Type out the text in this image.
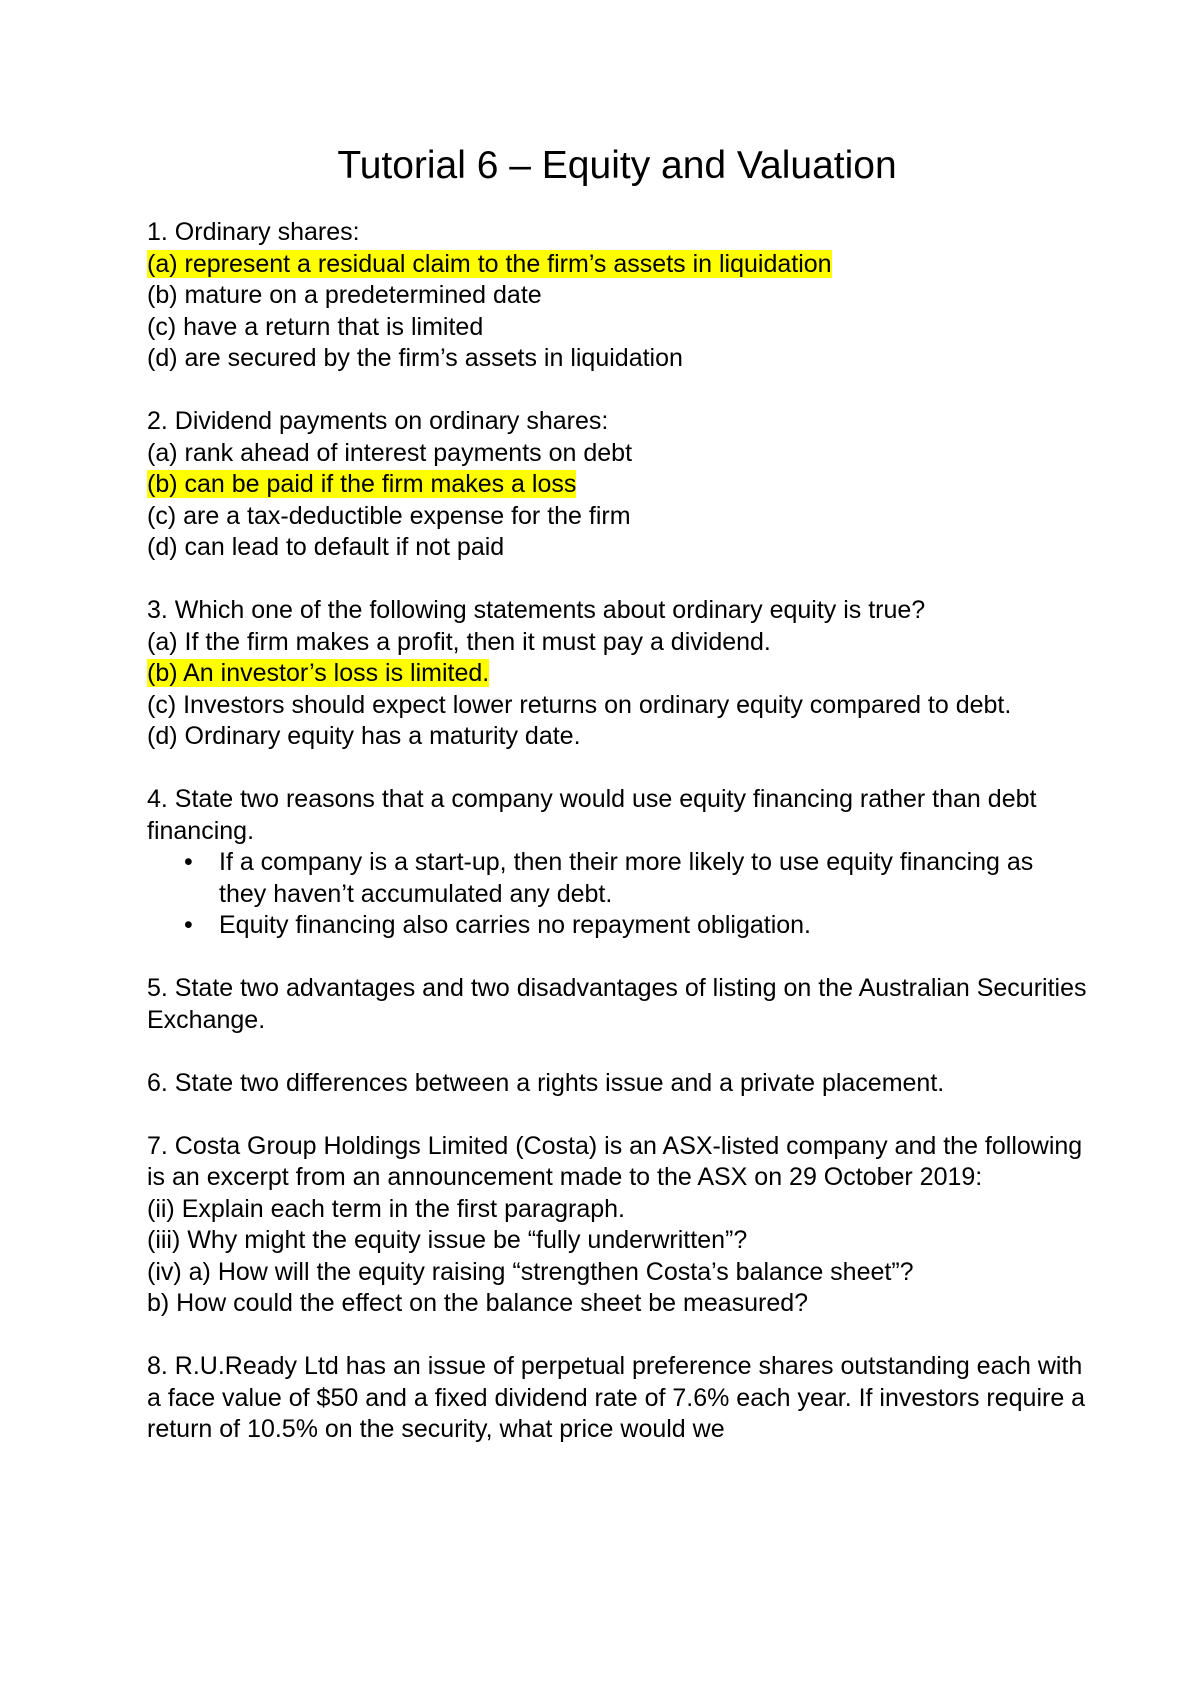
Tutorial 6 – Equity and Valuation
1. Ordinary shares:
(a) represent a residual claim to the firm’s assets in liquidation
(b) mature on a predetermined date
(c) have a return that is limited
(d) are secured by the firm’s assets in liquidation
2. Dividend payments on ordinary shares:
(a) rank ahead of interest payments on debt
(b) can be paid if the firm makes a loss
(c) are a tax-deductible expense for the firm
(d) can lead to default if not paid
3. Which one of the following statements about ordinary equity is true?
(a) If the firm makes a profit, then it must pay a dividend.
(b) An investor’s loss is limited.
(c) Investors should expect lower returns on ordinary equity compared to debt.
(d) Ordinary equity has a maturity date.
4. State two reasons that a company would use equity financing rather than debt financing.
• If a company is a start-up, then their more likely to use equity financing as they haven’t accumulated any debt.
• Equity financing also carries no repayment obligation.
5. State two advantages and two disadvantages of listing on the Australian Securities Exchange.
6. State two differences between a rights issue and a private placement.
7. Costa Group Holdings Limited (Costa) is an ASX-listed company and the following is an excerpt from an announcement made to the ASX on 29 October 2019:
(ii) Explain each term in the first paragraph.
(iii) Why might the equity issue be “fully underwritten”?
(iv) a) How will the equity raising “strengthen Costa’s balance sheet”?
b) How could the effect on the balance sheet be measured?
8. R.U.Ready Ltd has an issue of perpetual preference shares outstanding each with a face value of $50 and a fixed dividend rate of 7.6% each year. If investors require a return of 10.5% on the security, what price would we
